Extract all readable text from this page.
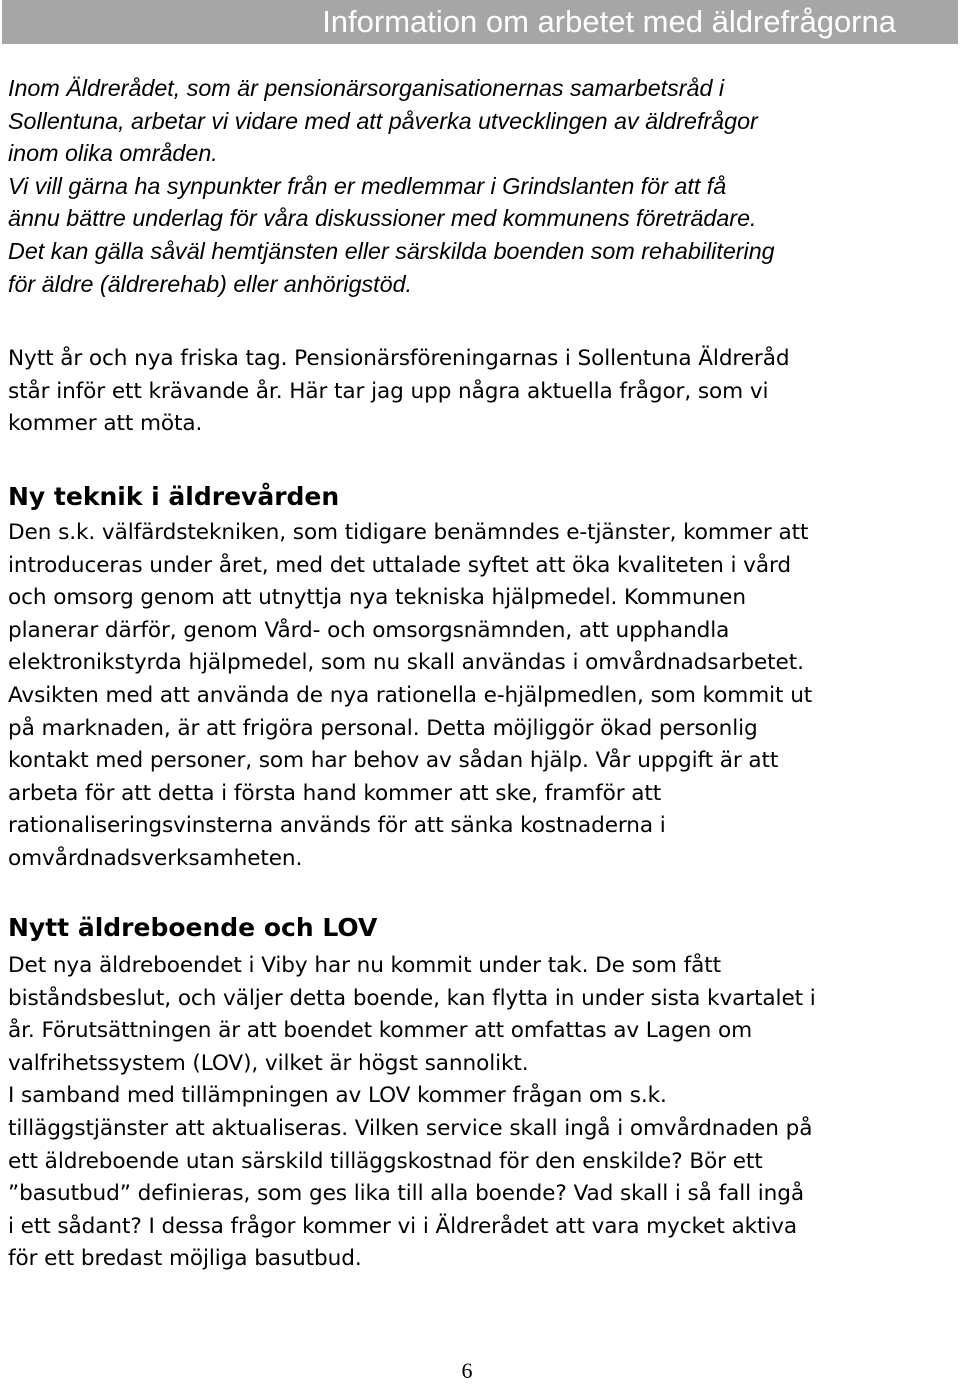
Information om arbetet med äldrefrågorna

Inom Äldrerådet, som är pensionärsorganisationernas samarbetsråd i
Sollentuna, arbetar vi vidare med att påverka utvecklingen av äldrefrågor
inom olika områden.
Vi vill gärna ha synpunkter från er medlemmar i Grindslanten för att få
ännu bättre underlag för våra diskussioner med kommunens företrädare.
Det kan gälla såväl hemtjänsten eller särskilda boenden som rehabilitering
för äldre (äldrerehab) eller anhörigstöd.

Nytt år och nya friska tag. Pensionärsföreningarnas i Sollentuna Äldreråd
står inför ett krävande år. Här tar jag upp några aktuella frågor, som vi
kommer att möta.

Ny teknik i äldrevården

Den s.k. välfärdstekniken, som tidigare benämndes e-tjänster, kommer att
introduceras under året, med det uttalade syftet att öka kvaliteten i vård
och omsorg genom att utnyttja nya tekniska hjälpmedel. Kommunen
planerar därför, genom Vård- och omsorgsnämnden, att upphandla
elektronikstyrda hjälpmedel, som nu skall användas i omvårdnadsarbetet.
Avsikten med att använda de nya rationella e-hjälpmedlen, som kommit ut
på marknaden, är att frigöra personal. Detta möjliggör ökad personlig
kontakt med personer, som har behov av sådan hjälp. Vår uppgift är att
arbeta för att detta i första hand kommer att ske, framför att
rationaliseringsvinsterna används för att sänka kostnaderna i
omvårdnadsverksamheten.

Nytt äldreboende och LOV

Det nya äldreboendet i Viby har nu kommit under tak. De som fått
biståndsbeslut, och väljer detta boende, kan flytta in under sista kvartalet i
år. Förutsättningen är att boendet kommer att omfattas av Lagen om
valfrihetssystem (LOV), vilket är högst sannolikt.
I samband med tillämpningen av LOV kommer frågan om s.k.
tilläggstjänster att aktualiseras. Vilken service skall ingå i omvårdnaden på
ett äldreboende utan särskild tilläggskostnad för den enskilde? Bör ett
”basutbud” definieras, som ges lika till alla boende? Vad skall i så fall ingå
i ett sådant? I dessa frågor kommer vi i Äldrerådet att vara mycket aktiva
för ett bredast möjliga basutbud.

6
